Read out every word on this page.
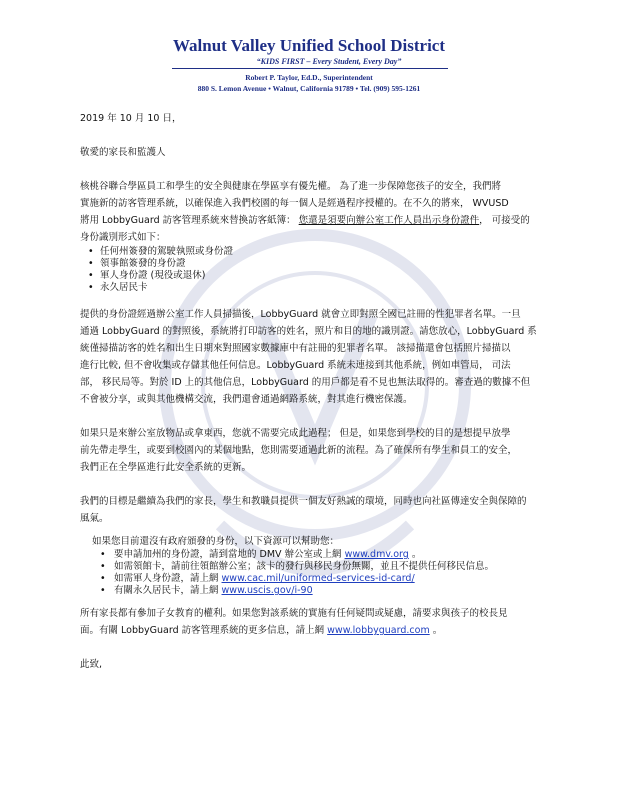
Walnut Valley Unified School District
“KIDS FIRST – Every Student, Every Day”
Robert P. Taylor, Ed.D., Superintendent
880 S. Lemon Avenue • Walnut, California 91789 • Tel. (909) 595-1261
2019 年 10 月 10 日，
敬愛的家長和監護人
核桃谷聯合學區員工和學生的安全與健康在學區享有優先權。 為了進一步保障您孩子的安全，我們將
實施新的訪客管理系統，以確保進入我們校園的每一個人是經過程序授權的。在不久的將來， WVUSD
將用 LobbyGuard 訪客管理系統來替換訪客紙簿： 您還是須要向辦公室工作人員出示身份證件， 可接受的
身份識別形式如下：
• 任何州簽發的駕駛執照或身份證
• 領事館簽發的身份證
• 軍人身份證 (現役或退休)
• 永久居民卡
提供的身份證經過辦公室工作人員掃描後，LobbyGuard 就會立即對照全國已註冊的性犯罪者名單。一旦
通過 LobbyGuard 的對照後，系統將打印訪客的姓名，照片和目的地的識別證。請您放心，LobbyGuard 系
統僅掃描訪客的姓名和出生日期來對照國家數據庫中有註冊的犯罪者名單。 該掃描還會包括照片掃描以
進行比較, 但不會收集或存儲其他任何信息。LobbyGuard 系統未連接到其他系統，例如車管局， 司法
部， 移民局等。對於 ID 上的其他信息，LobbyGuard 的用戶都是看不見也無法取得的。審查過的數據不但
不會被分享，或與其他機構交流，我們還會通過網路系統，對其進行機密保護。
如果只是來辦公室放物品或拿東西，您就不需要完成此過程； 但是，如果您到學校的目的是想提早放學
前先帶走學生，或要到校園內的某個地點，您則需要通過此新的流程。為了確保所有學生和員工的安全，
我們正在全學區進行此安全系統的更新。
我們的目標是繼續為我們的家長，學生和教職員提供一個友好熱誠的環境，同時也向社區傳達安全與保障的
風氣。
如果您目前還沒有政府頒發的身份，以下資源可以幫助您：
• 要申請加州的身份證，請到當地的 DMV 辦公室或上網 www.dmv.org 。
• 如需領館卡，請前往領館辦公室；該卡的發行與移民身份無關，並且不提供任何移民信息。
• 如需軍人身份證，請上網 www.cac.mil/uniformed-services-id-card/
• 有關永久居民卡，請上網 www.uscis.gov/i-90
所有家長都有參加子女教育的權利。如果您對該系統的實施有任何疑問或疑慮，請要求與孩子的校長見
面。有關 LobbyGuard 訪客管理系統的更多信息，請上網 www.lobbyguard.com 。
此致,
